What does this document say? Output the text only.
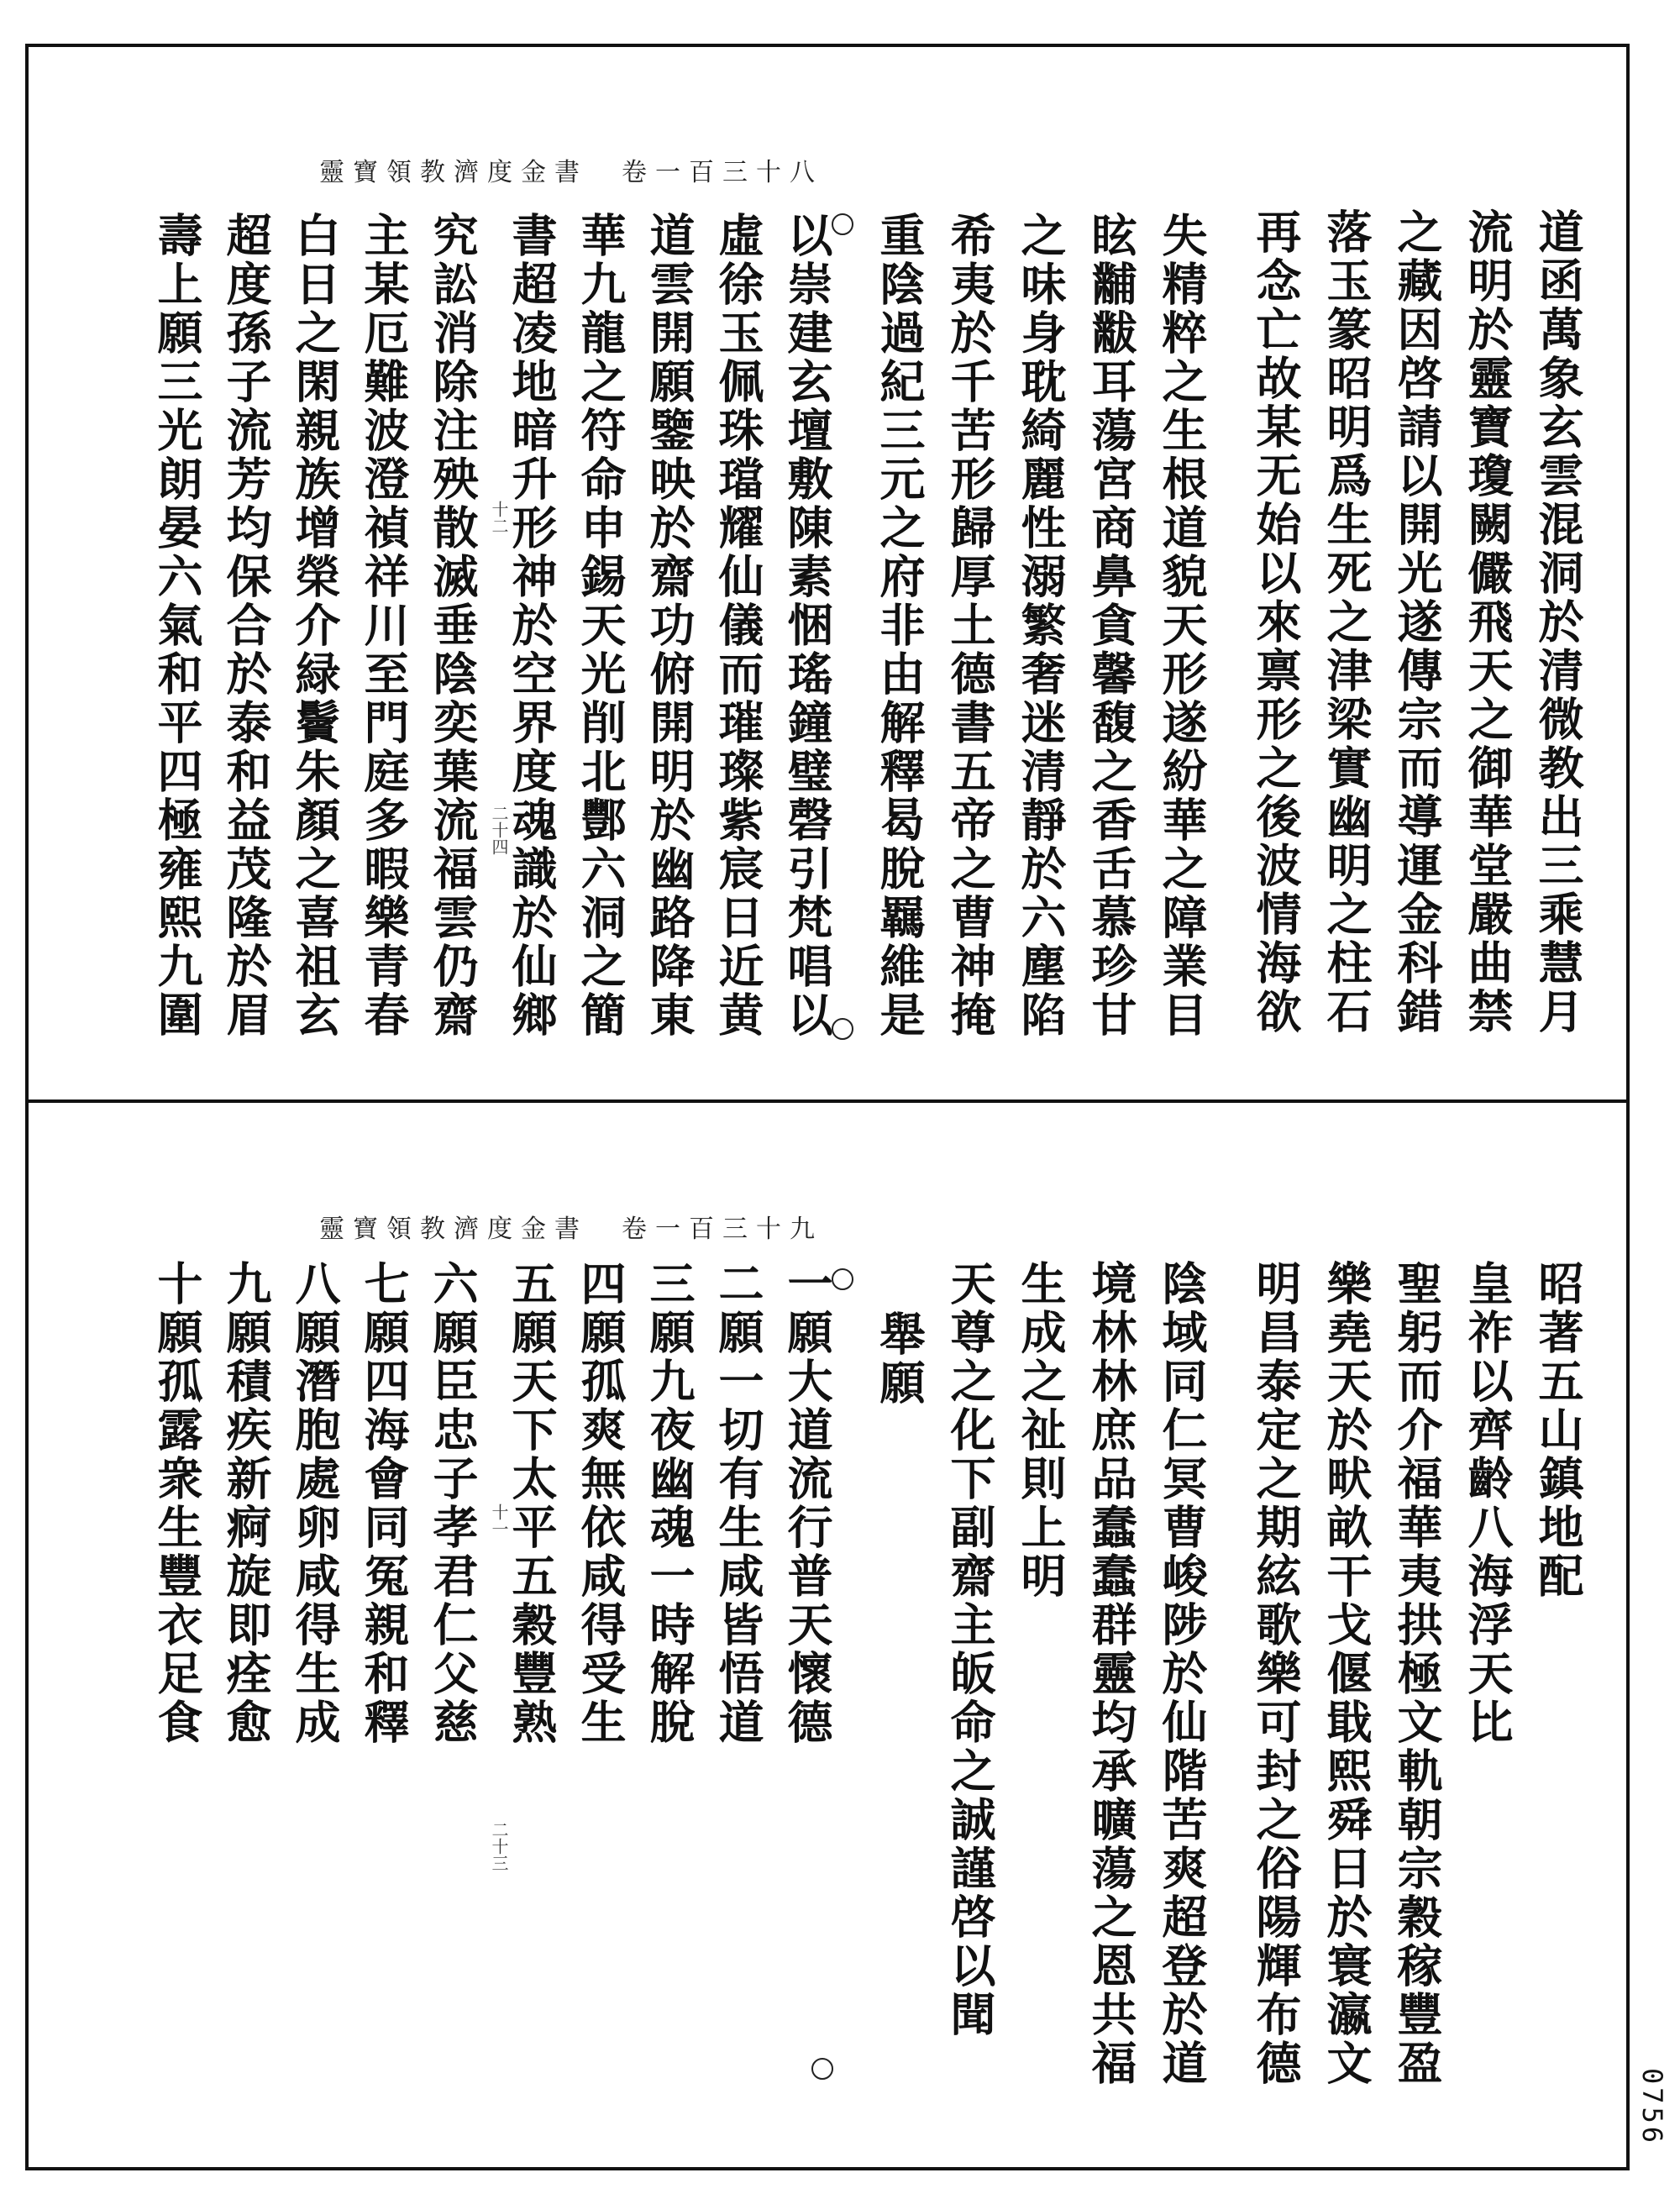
靈寶領教濟度金書　卷一百三十八
道函萬象玄雲混洞於清微教出三乘慧月
流明於靈寶瓊闕儼飛天之御華堂嚴曲禁
之藏因啓請以開光遂傳宗而導運金科錯
落玉篆昭明爲生死之津梁實幽明之柱石
再念亡故某无始以來禀形之後波情海欲
失精粹之生根道貌天形遂紛華之障業目
眩黼黻耳蕩宮商鼻貪馨馥之香舌慕珍甘
之味身耽綺麗性溺繁奢迷清靜於六塵陷
希夷於千苦形歸厚土德書五帝之曹神掩
重陰過紀三元之府非由解釋曷脫羈維是
以崇建玄壇敷陳素悃瑤鐘璧磬引梵唱以
虛徐玉佩珠璫耀仙儀而璀璨紫宸日近黄
道雲開願鑒映於齋功俯開明於幽路降東
華九龍之符命申錫天光削北酆六洞之簡
書超凌地暗升形神於空界度魂識於仙鄉
究訟消除注殃散滅垂陰奕葉流福雲仍齋
主某厄難波澄禎祥川至門庭多暇樂青春
白日之閑親族增榮介緑鬢朱顏之喜祖玄
超度孫子流芳均保合於泰和益茂隆於眉
壽上願三光朗晏六氣和平四極雍熙九圍	十二
二十四
靈寶領教濟度金書　卷一百三十九
昭著五山鎮地配
皇祚以齊齡八海浮天比
聖躬而介福華夷拱極文軌朝宗穀稼豐盈
樂堯天於畎畝干戈偃戢熙舜日於寰瀛文
明昌泰定之期絃歌樂可封之俗陽輝布德
陰域同仁冥曹峻陟於仙階苦爽超登於道
境林林庶品蠢蠢群靈均承曠蕩之恩共福
生成之祉則上明
天尊之化下副齋主皈命之誠謹啓以聞
舉願
一願大道流行普天懷德
二願一切有生咸皆悟道
三願九夜幽魂一時解脫
四願孤爽無依咸得受生
五願天下太平五穀豐熟
六願臣忠子孝君仁父慈
七願四海會同冤親和釋
八願潛胞處卵咸得生成
九願積疾新痾旋即痊愈
十願孤露衆生豐衣足食	十一
二十三
0756
